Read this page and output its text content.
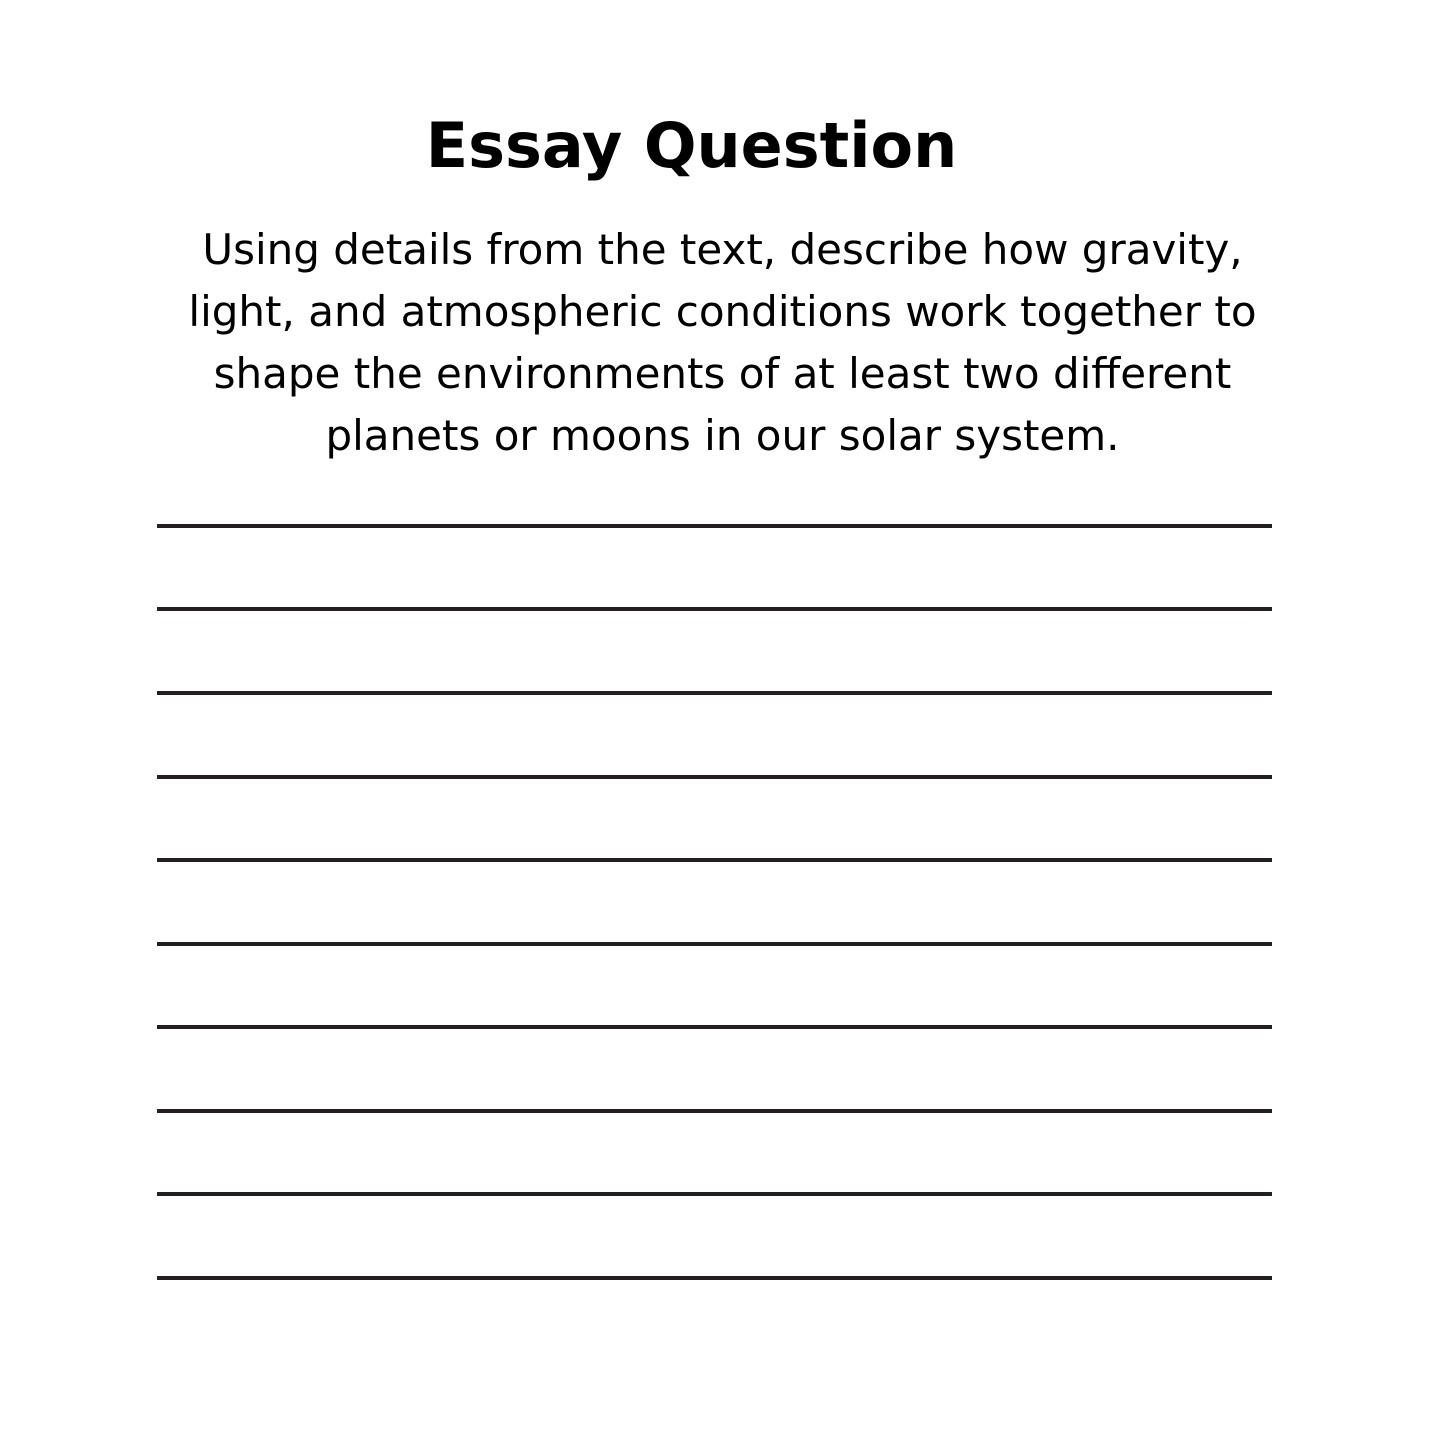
Essay Question

Using details from the text, describe how gravity,
light, and atmospheric conditions work together to
shape the environments of at least two different
planets or moons in our solar system.
